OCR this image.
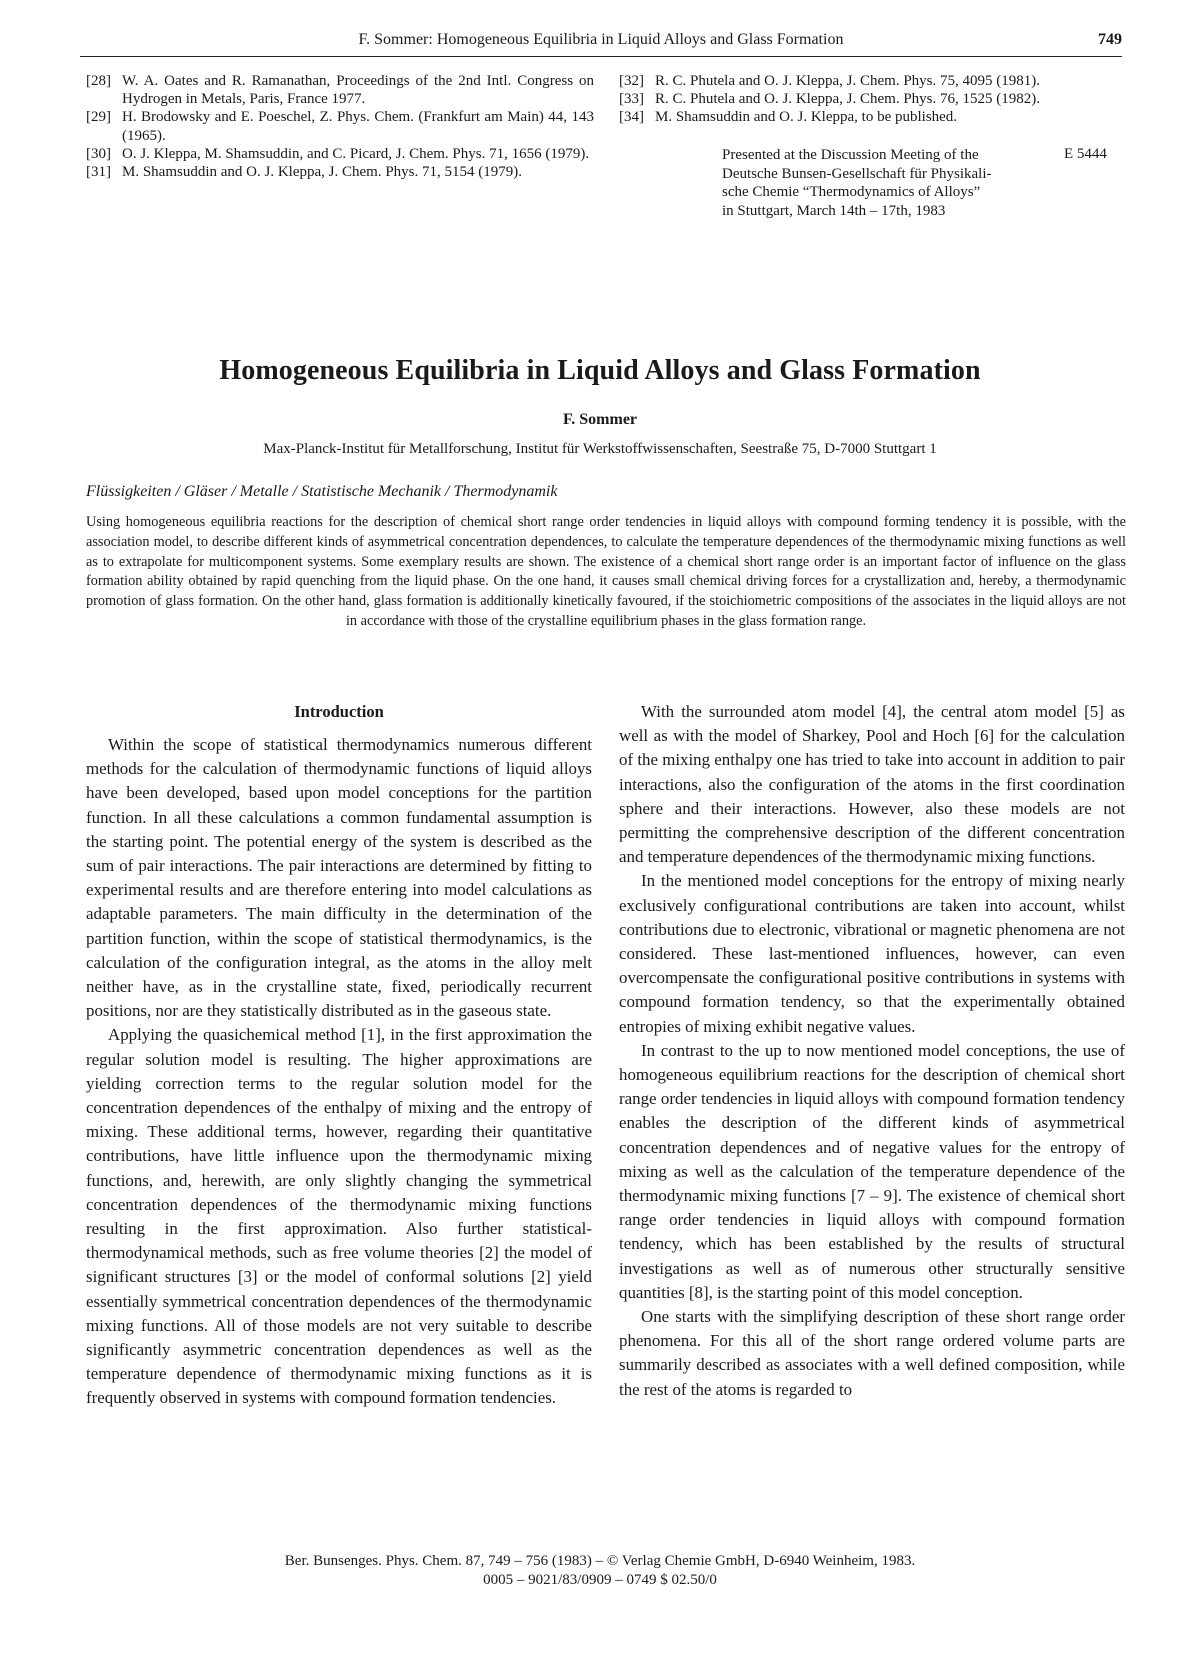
F. Sommer: Homogeneous Equilibria in Liquid Alloys and Glass Formation	749
[28] W. A. Oates and R. Ramanathan, Proceedings of the 2nd Intl. Congress on Hydrogen in Metals, Paris, France 1977.
[29] H. Brodowsky and E. Poeschel, Z. Phys. Chem. (Frankfurt am Main) 44, 143 (1965).
[30] O. J. Kleppa, M. Shamsuddin, and C. Picard, J. Chem. Phys. 71, 1656 (1979).
[31] M. Shamsuddin and O. J. Kleppa, J. Chem. Phys. 71, 5154 (1979).
[32] R. C. Phutela and O. J. Kleppa, J. Chem. Phys. 75, 4095 (1981).
[33] R. C. Phutela and O. J. Kleppa, J. Chem. Phys. 76, 1525 (1982).
[34] M. Shamsuddin and O. J. Kleppa, to be published.
Presented at the Discussion Meeting of the
Deutsche Bunsen-Gesellschaft für Physikali-
sche Chemie “Thermodynamics of Alloys”
in Stuttgart, March 14th – 17th, 1983
E 5444
Homogeneous Equilibria in Liquid Alloys and Glass Formation
F. Sommer
Max-Planck-Institut für Metallforschung, Institut für Werkstoffwissenschaften, Seestraße 75, D-7000 Stuttgart 1
Flüssigkeiten / Gläser / Metalle / Statistische Mechanik / Thermodynamik
Using homogeneous equilibria reactions for the description of chemical short range order tendencies in liquid alloys with compound forming tendency it is possible, with the association model, to describe different kinds of asymmetrical concentration dependences, to calculate the temperature dependences of the thermodynamic mixing functions as well as to extrapolate for multicomponent systems. Some exemplary results are shown. The existence of a chemical short range order is an important factor of influence on the glass formation ability obtained by rapid quenching from the liquid phase. On the one hand, it causes small chemical driving forces for a crystallization and, hereby, a thermodynamic promotion of glass formation. On the other hand, glass formation is additionally kinetically favoured, if the stoichiometric compositions of the associates in the liquid alloys are not in accordance with those of the crystalline equilibrium phases in the glass formation range.
Introduction

Within the scope of statistical thermodynamics numerous different methods for the calculation of thermodynamic functions of liquid alloys have been developed, based upon model conceptions for the partition function. In all these calculations a common fundamental assumption is the starting point. The potential energy of the system is described as the sum of pair interactions. The pair interactions are determined by fitting to experimental results and are therefore entering into model calculations as adaptable parameters. The main difficulty in the determination of the partition function, within the scope of statistical thermodynamics, is the calculation of the configuration integral, as the atoms in the alloy melt neither have, as in the crystalline state, fixed, periodically recurrent positions, nor are they statistically distributed as in the gaseous state.

Applying the quasichemical method [1], in the first approximation the regular solution model is resulting. The higher approximations are yielding correction terms to the regular solution model for the concentration dependences of the enthalpy of mixing and the entropy of mixing. These additional terms, however, regarding their quantitative contributions, have little influence upon the thermodynamic mixing functions, and, herewith, are only slightly changing the symmetrical concentration dependences of the thermodynamic mixing functions resulting in the first approximation. Also further statistical-thermodynamical methods, such as free volume theories [2] the model of significant structures [3] or the model of conformal solutions [2] yield essentially symmetrical concentration dependences of the thermodynamic mixing functions. All of those models are not very suitable to describe significantly asymmetric concentration dependences as well as the temperature dependence of thermodynamic mixing functions as it is frequently observed in systems with compound formation tendencies.

With the surrounded atom model [4], the central atom model [5] as well as with the model of Sharkey, Pool and Hoch [6] for the calculation of the mixing enthalpy one has tried to take into account in addition to pair interactions, also the configuration of the atoms in the first coordination sphere and their interactions. However, also these models are not permitting the comprehensive description of the different concentration and temperature dependences of the thermodynamic mixing functions.

In the mentioned model conceptions for the entropy of mixing nearly exclusively configurational contributions are taken into account, whilst contributions due to electronic, vibrational or magnetic phenomena are not considered. These last-mentioned influences, however, can even overcompensate the configurational positive contributions in systems with compound formation tendency, so that the experimentally obtained entropies of mixing exhibit negative values.

In contrast to the up to now mentioned model conceptions, the use of homogeneous equilibrium reactions for the description of chemical short range order tendencies in liquid alloys with compound formation tendency enables the description of the different kinds of asymmetrical concentration dependences and of negative values for the entropy of mixing as well as the calculation of the temperature dependence of the thermodynamic mixing functions [7 – 9]. The existence of chemical short range order tendencies in liquid alloys with compound formation tendency, which has been established by the results of structural investigations as well as of numerous other structurally sensitive quantities [8], is the starting point of this model conception.

One starts with the simplifying description of these short range order phenomena. For this all of the short range ordered volume parts are summarily described as associates with a well defined composition, while the rest of the atoms is regarded to

Ber. Bunsenges. Phys. Chem. 87, 749 – 756 (1983) – © Verlag Chemie GmbH, D-6940 Weinheim, 1983.
0005 – 9021/83/0909 – 0749 $ 02.50/0
